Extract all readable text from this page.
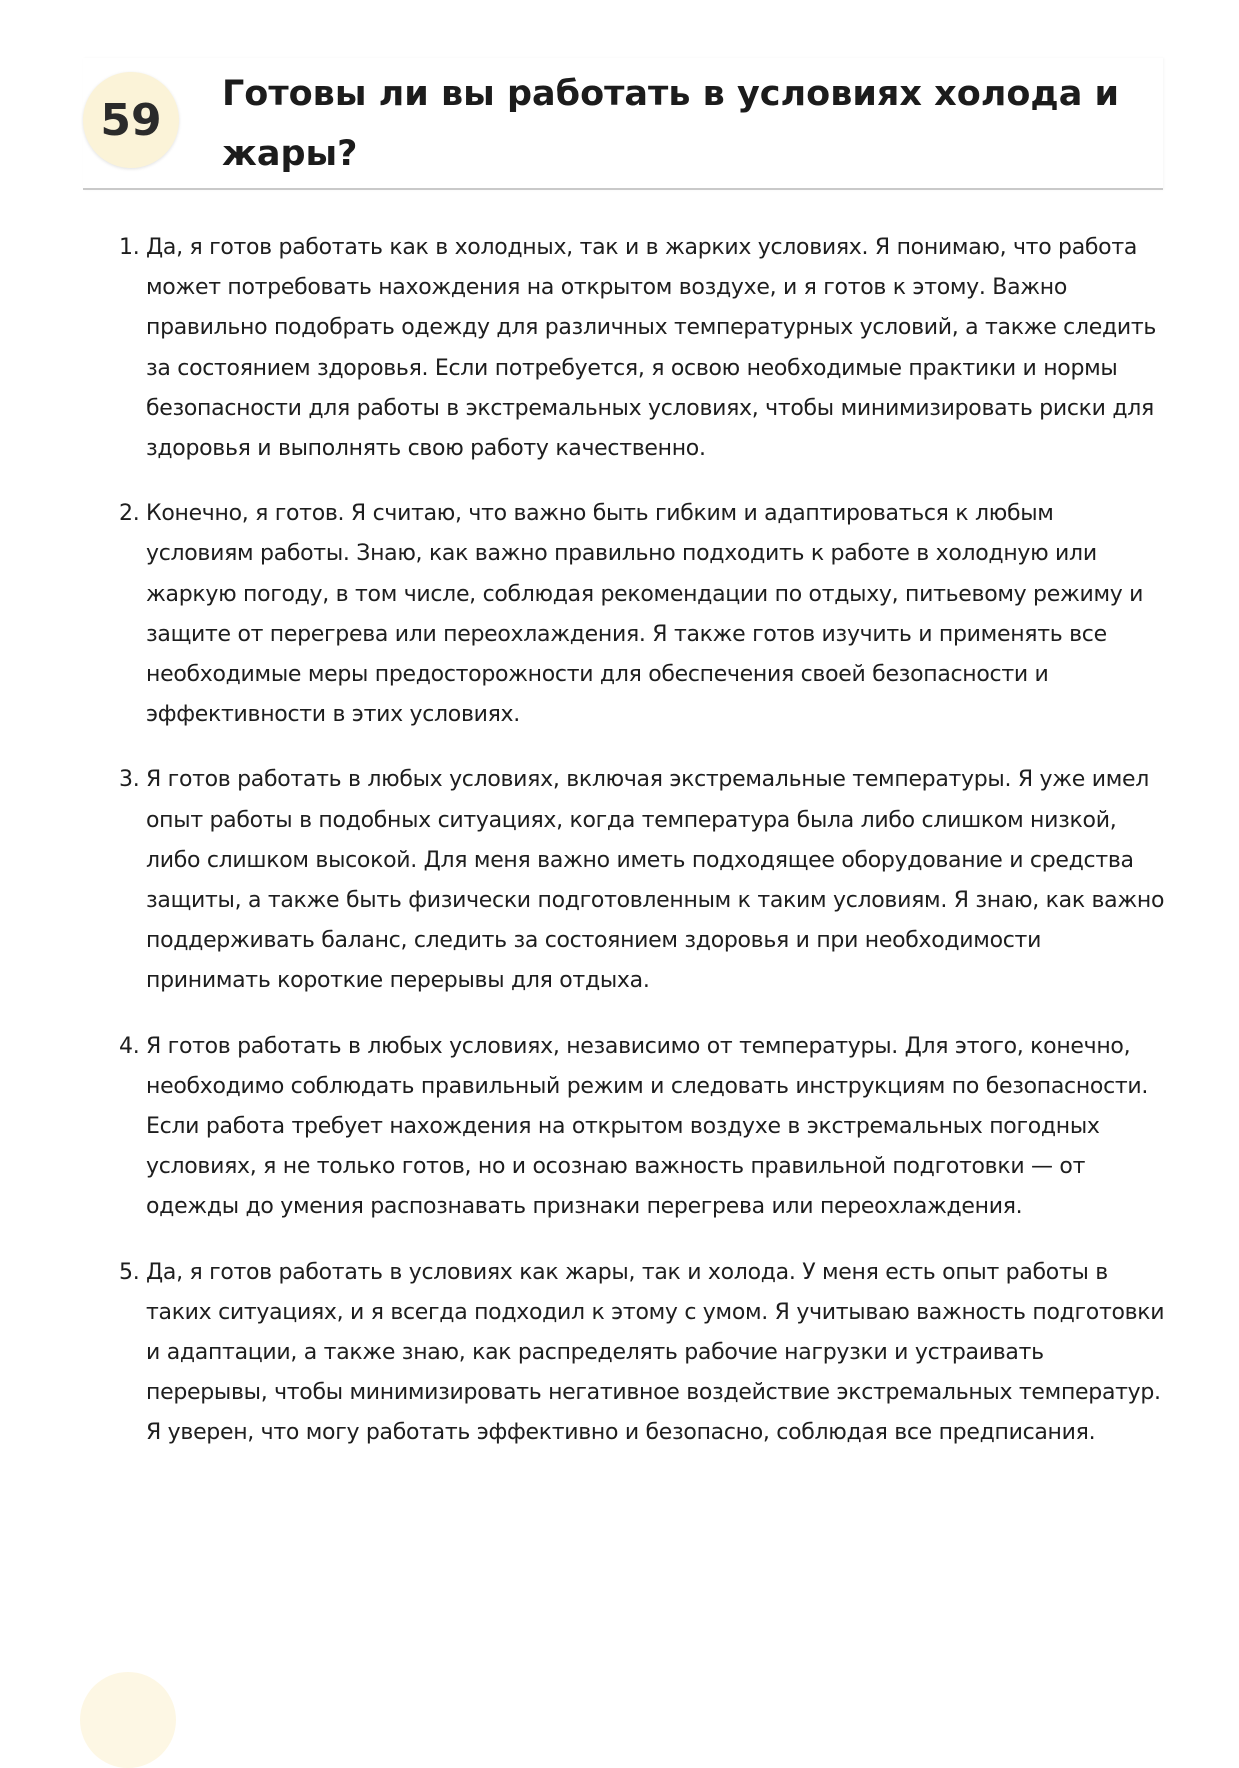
59
Готовы ли вы работать в условиях холода и жары?
1. Да, я готов работать как в холодных, так и в жарких условиях. Я понимаю, что работа может потребовать нахождения на открытом воздухе, и я готов к этому. Важно правильно подобрать одежду для различных температурных условий, а также следить за состоянием здоровья. Если потребуется, я освою необходимые практики и нормы безопасности для работы в экстремальных условиях, чтобы минимизировать риски для здоровья и выполнять свою работу качественно.
2. Конечно, я готов. Я считаю, что важно быть гибким и адаптироваться к любым условиям работы. Знаю, как важно правильно подходить к работе в холодную или жаркую погоду, в том числе, соблюдая рекомендации по отдыху, питьевому режиму и защите от перегрева или переохлаждения. Я также готов изучить и применять все необходимые меры предосторожности для обеспечения своей безопасности и эффективности в этих условиях.
3. Я готов работать в любых условиях, включая экстремальные температуры. Я уже имел опыт работы в подобных ситуациях, когда температура была либо слишком низкой, либо слишком высокой. Для меня важно иметь подходящее оборудование и средства защиты, а также быть физически подготовленным к таким условиям. Я знаю, как важно поддерживать баланс, следить за состоянием здоровья и при необходимости принимать короткие перерывы для отдыха.
4. Я готов работать в любых условиях, независимо от температуры. Для этого, конечно, необходимо соблюдать правильный режим и следовать инструкциям по безопасности. Если работа требует нахождения на открытом воздухе в экстремальных погодных условиях, я не только готов, но и осознаю важность правильной подготовки — от одежды до умения распознавать признаки перегрева или переохлаждения.
5. Да, я готов работать в условиях как жары, так и холода. У меня есть опыт работы в таких ситуациях, и я всегда подходил к этому с умом. Я учитываю важность подготовки и адаптации, а также знаю, как распределять рабочие нагрузки и устраивать перерывы, чтобы минимизировать негативное воздействие экстремальных температур. Я уверен, что могу работать эффективно и безопасно, соблюдая все предписания.
